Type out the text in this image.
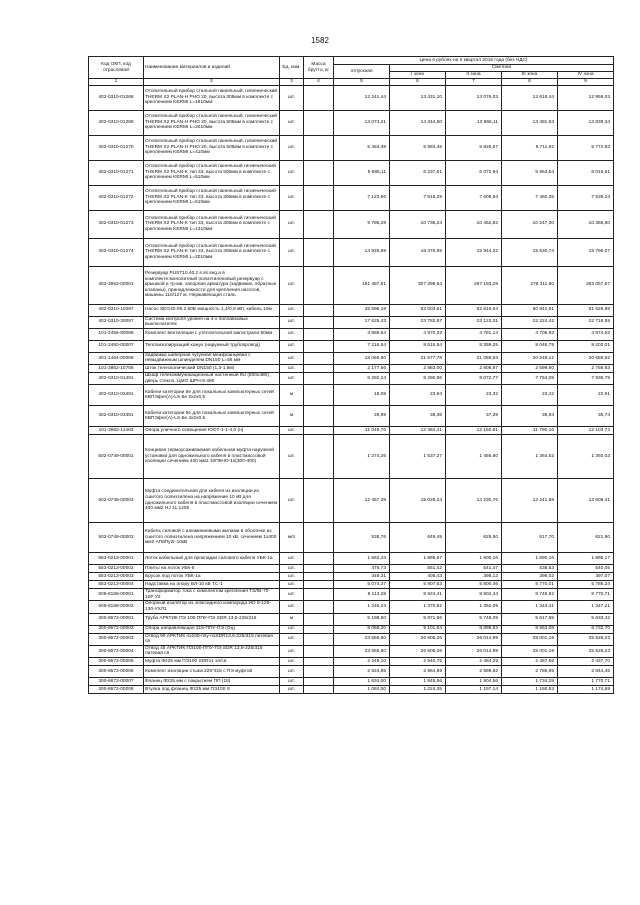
1582
Код ОКП, код отраслевой	Наименование материалов и изделий	Ед. изм.	Масса брутто, кг	Цена в рублях на II квартал 2016 года (без НДС)				
				отпускная	Сметная			
					I зона	II зона	III зона	IV зона
1	2	3	4	5	6	7	8	9
402-0310-01268	Отопительный прибор стальной панельный, гигиенический THERM X2 PLAN-H PHO 20, высота 305мм в комплекте с креплением KERMI L=1810мм	шт.		12 241,44	13 431,10	13 076,03	12 618,44	12 959,03
402-0310-01269	Отопительный прибор стальной панельный, гигиенический THERM X2 PLAN-H PHO 20, высота 505мм в комплекте с креплением KERMI L=2010мм	шт.		13 074,21	14 344,60	13 966,11	13 491,53	13 839,34
402-0310-01270	Отопительный прибор стальной панельный, гигиенический THERM X2 PLAN-H PHO 20, высота 505мм в комплекте с креплением KERMI L=410мм	шт.		5 454,38	5 984,45	5 825,67	5 711,92	5 772,93
402-0310-01271	Отопительный прибор стальной панельный гигиенический THERM X2 PLAN-K тип 33, высота 505мм в комплекте с креплением KERMI L=510мм	шт.		5 685,11	6 237,61	6 072,94	5 953,54	6 016,51
402-0310-01272	Отопительный прибор стальной панельный гигиенический THERM X2 PLAN-K тип 33, высота 305мм в комплекте с креплением KERMI L=610мм	шт.		7 123,96	7 816,29	7 609,94	7 460,35	7 539,24
402-0310-01273	Отопительный прибор стальной панельный гигиенический THERM X2 PLAN-K тип 33, высота 305мм в комплекте с креплением KERMI L=1310мм	шт.		9 786,28	10 736,24	10 452,82	10 247,30	10 355,60
402-0310-01274	Отопительный прибор стальной панельный гигиенический THERM X2 PLAN-K тип 33, высота 305мм в комплекте с креплением KERMI L=2010мм	шт.		14 925,99	16 376,55	15 944,22	15 630,74	15 796,07
403-3863-00001	Резервуар PUST10.40.z.s.ss.seg.a в комплекте:монолитный полиэтиленовый резервуар с крышкой и тр-ми. запорная арматура (задвижки, обратные клапаны), принадлежности для крепления насосов, машины 110/127 м. Нержавеющая сталь	шт.		181 487,81	307 299,53	287 193,28	279 311,80	283 057,67
402-0310-10097	Насос SEG40.09.2.50В мощность 1,4/0,9 кВт, кабель 10м	шт.		45 596,18	53 003,61	52 616,04	50 841,91	51 626,98
402-0310-30097	Система контроля уровня на 4-х поплавковых выключателях	шт.		17 625,43	23 782,57	23 122,31	22 224,42	22 718,59
101-2456-80088	Комплект вентиляции с утеплительной магистрали 50мм	шт.		3 889,64	4 970,32	4 781,14	4 706,93	4 874,63
101-2460-00007	Теплоизолирующий кожух (наружный трубопровод)	шт.		7 216,54	8 515,54	8 359,25	8 046,79	8 203,01
301-1464-00008	Задвижка шиберная чугунная межфланцевая с невыдвижным шпинделем DN150 L=56 мм	шт.		18 065,60	21 577,78	21 069,53	20 248,12	20 659,52
101-3862-10706	Шток телескопический DN150 (1,3-1,8м)	шт.		2 177,56	2 883,00	2 806,87	2 699,60	2 759,83
402-0310-01491	Шкаф телекоммуникационный настенный 9U (600х480) , дверь стекло, ЦМО ШРН-9.480	шт.		6 282,24	8 290,96	8 072,77	7 764,09	7 936,79
402-0310-02491	Кабели категории 5е для локальных компьютерных сетей КВПЭфнг(А)-LS-5е 2х2х0,5	м		18,08	23,94	23,32	22,42	22,91
402-0310-03491	Кабели категории 5е для локальных компьютерных сетей КВПЭфнг(А)-LS-5е 4х2х0,5	м		28,99	38,36	37,39	35,94	36,74
101-3662-11483	Опора уличного освещения ЮОТ-1-1-4,0 (н)	шт.		11 049,76	12 362,41	12 150,81	11 780,16	12 103,74
502-0749-00001	Концевая термоусаживаемая кабельная муфта наружной установки для одножильного кабеля в пластмассовой изоляции сечением 400 мм2 10ПКНО-1х(300-400)	шт.		1 274,26	1 537,27	1 455,80	1 364,52	1 392,03
502-0749-00003	Муфта соединительная для кабеля из изоляции из сшитого полиэтилена на напряжение 10 кВ для одножильного кабеля в пластмассовой изоляции сечением 400 мм2 HJ 11.1205	шт.		12 457,38	15 028,24	14 230,76	13 241,58	13 608,41
502-0749-00003	Кабель силовой с алюминиевыми жилами в оболочке из сшитого полиэтилена напряжением 10 кВ, сечением 1х400 мм2 АПвПу2г-10кВ	м/п		538,76	649,49	625,50	617,70	621,90
553-0213-00001	Лоток кабельный для прокладки силового кабеля УБК-1а	шт.		1 662,43	1 895,67	1 800,16	1 690,16	1 895,17
553-0213-00002	Плиты на лоток УБК-5	шт.		475,73	551,42	541,47	538,63	540,05
553-0213-00003	Брусок под лоток УБК-1а	шт.		348,31	405,43	398,12	396,02	397,07
553-0213-00004	Надставка на опору ВЛ-10 кВ ТС-1	шт.		5 074,37	5 907,63	5 800,46	5 770,01	5 785,24
509-8168-00001	Трансформатор тока с комплектом крепления ТЗЛВ-70-10Р У2	шт.		8 113,28	8 924,41	8 802,44	8 745,92	8 770,71
509-8168-00002	Опорный изолятор из эпоксидного компаунда ИО 8-125-130-УХЛ1	шт.		1 246,23	1 370,82	1 352,09	1 343,41	1 347,21
300-8672-00001	Труба АРКТИК ПЭ 100-ППУ-ПЭ SDR 13,6-225/315	м		5 198,50	5 871,56	5 749,09	5 617,95	5 633,42
300-8672-00002	Опора направляющая 315-ППУ-ПЭ (Оц)	шт.		8 058,20	9 101,84	8 899,83	8 553,08	6 732,70
300-8672-00003	Отвод 90 АРКТИК пэ100-ппу-пэSDR13,6-225/315 питевая св	шт.		23 555,60	26 605,26	26 014,99	25 001,19	25 526,23
300-8672-00004	Отвод 45 АРКТИК ПЭ100-ППУ-ПЭ SDR 13,6-225/315 питевая св	шт.		23 555,60	26 605,26	26 014,99	25 001,19	25 526,23
300-8672-00005	Муфта Ф225 мм ПЭ100 SDR11 эл/св	шт.		2 249,10	2 540,75	2 484,29	2 387,58	2 437,70
300-8672-00006	Комплект изоляции стыка 225*315 с ПЭ муфтой	шт.		2 624,85	2 964,89	2 898,82	2 785,95	2 844,45
300-8672-00007	Фланец Ф225 мм с покрытием ПП (16)	шт.		1 634,00	1 845,56	1 804,56	1 734,28	1 770,71
300-8672-00008	Втулка под фланец Ф225 мм ПЭ100 S	шт.		1 084,00	1 224,35	1 197,14	1 150,53	1 174,69
